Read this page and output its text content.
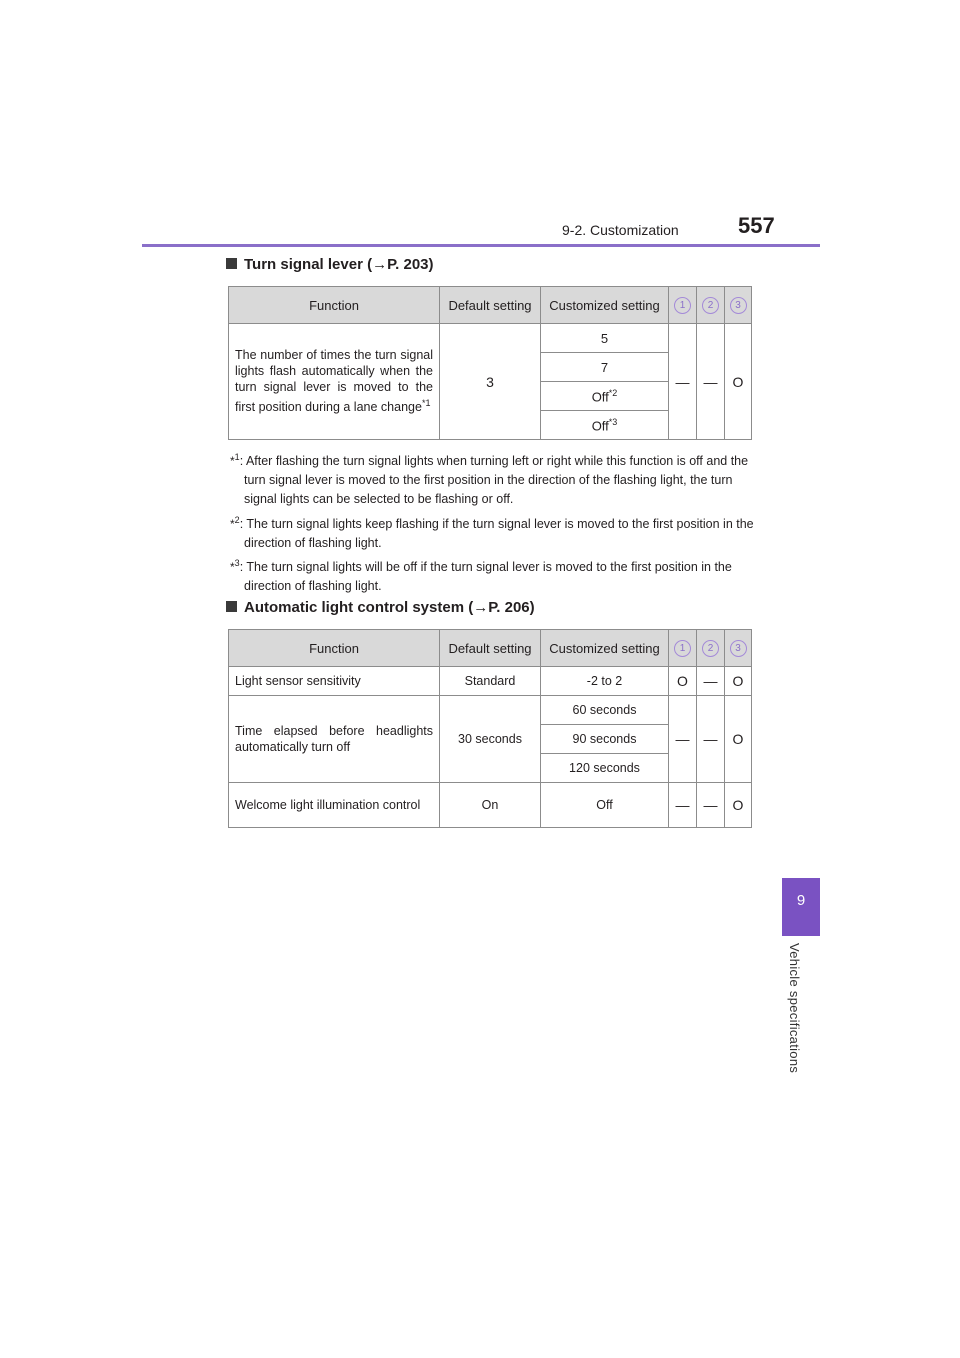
9-2. Customization	557
9
Vehicle specifications
Turn signal lever (→P. 203)
Function	Default setting	Customized setting	1	2	3
The number of times the turn signal lights flash automatically when the turn signal lever is moved to the first position during a lane change$^{*1}$	3	5	—	—	O
		7			
		Off$^{*2}$
		Off$^{*3}$
*$^1$: After flashing the turn signal lights when turning left or right while this function is off and the turn signal lever is moved to the first position in the direction of the flashing light, the turn signal lights can be selected to be flashing or off.
*$^2$: The turn signal lights keep flashing if the turn signal lever is moved to the first position in the direction of flashing light.
*$^3$: The turn signal lights will be off if the turn signal lever is moved to the first position in the direction of flashing light.
Automatic light control system (→P. 206)
Function	Default setting	Customized setting	1	2	3
Light sensor sensitivity	Standard	-2 to 2	O	—	O
Time elapsed before headlights automatically turn off	30 seconds	60 seconds	—	—	O
		90 seconds			
		120 seconds			
Welcome light illumination control	On	Off	—	—	O
